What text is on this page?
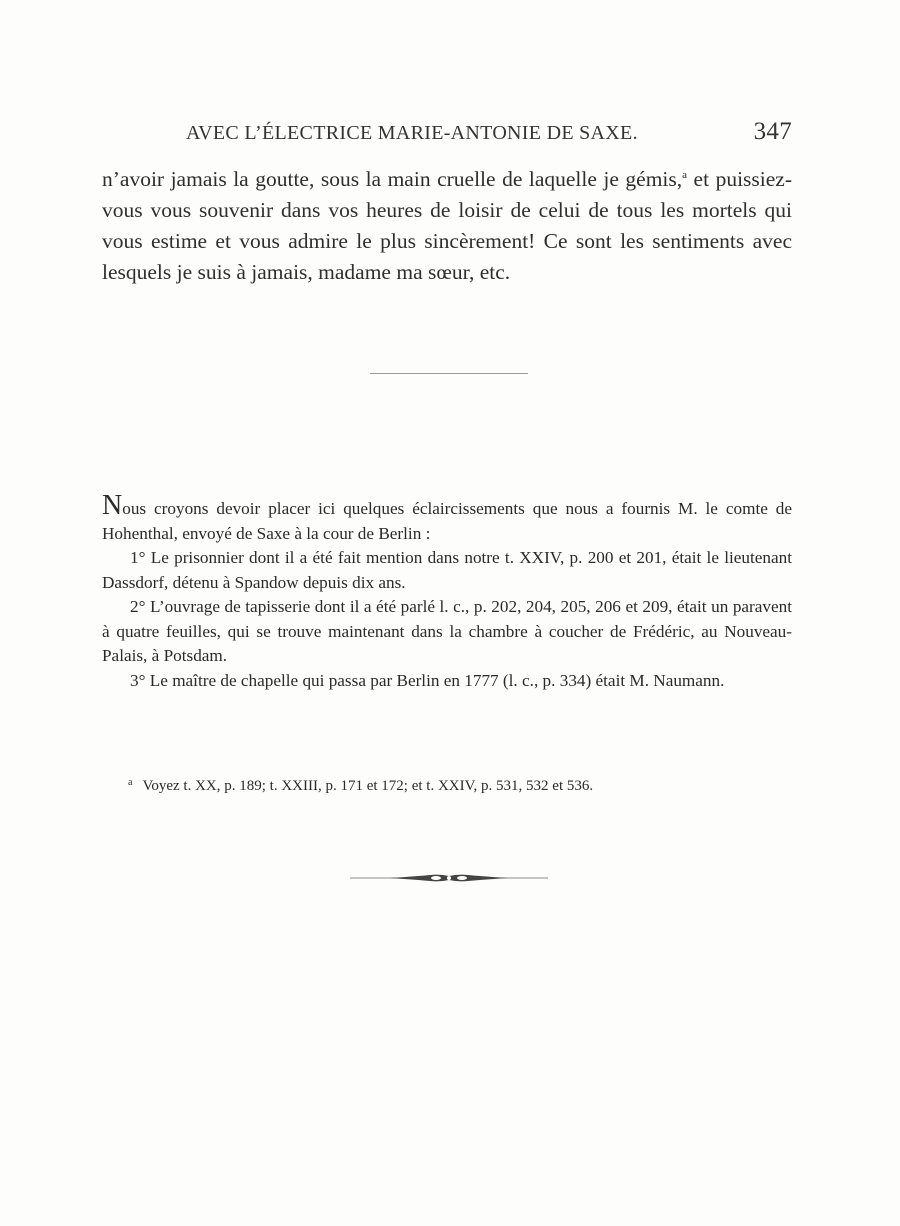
AVEC L’ÉLECTRICE MARIE-ANTONIE DE SAXE.	347

n’avoir jamais la goutte, sous la main cruelle de laquelle je gémis,$^a$ et puissiez-vous vous souvenir dans vos heures de loisir de celui de tous les mortels qui vous estime et vous admire le plus sincèrement! Ce sont les sentiments avec lesquels je suis à jamais, madame ma sœur, etc.

Nous croyons devoir placer ici quelques éclaircissements que nous a fournis M. le comte de Hohenthal, envoyé de Saxe à la cour de Berlin :

1° Le prisonnier dont il a été fait mention dans notre t. XXIV, p. 200 et 201, était le lieutenant Dassdorf, détenu à Spandow depuis dix ans.

2° L’ouvrage de tapisserie dont il a été parlé l. c., p. 202, 204, 205, 206 et 209, était un paravent à quatre feuilles, qui se trouve maintenant dans la chambre à coucher de Frédéric, au Nouveau-Palais, à Potsdam.

3° Le maître de chapelle qui passa par Berlin en 1777 (l. c., p. 334) était M. Naumann.

$^a$ Voyez t. XX, p. 189; t. XXIII, p. 171 et 172; et t. XXIV, p. 531, 532 et 536.
